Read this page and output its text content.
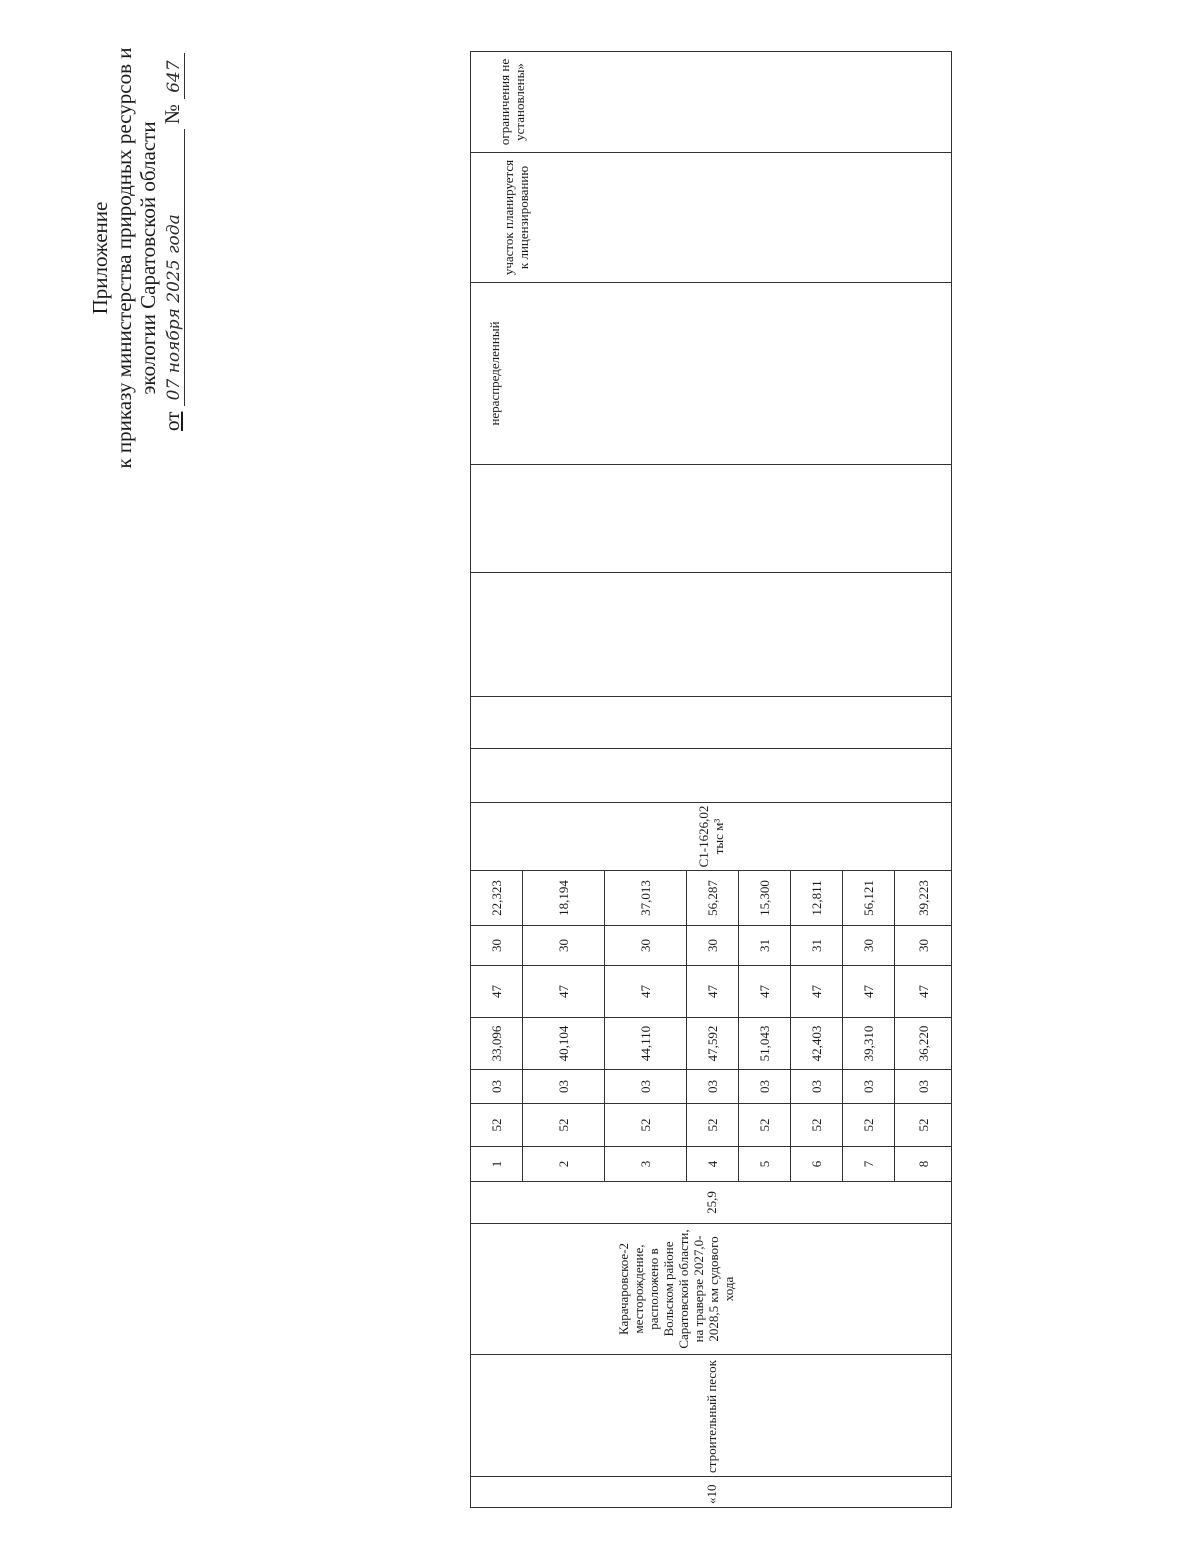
Приложение к приказу министерства природных ресурсов и экологии Саратовской области
от 07 ноября 2025 года № 647
«10	строительный песок	Карачаровское-2 месторождение, расположено в Вольском районе Саратовской области, на траверзе 2027,0-2028,5 км судового хода	25,9	1	52	03	33,096	47	30	22,323	С1-1626,02 тыс м³					нераспределенный	участок планируется к лицензированию	ограничения не установлены»
				2	52	03	40,104	47	30	18,194								
				3	52	03	44,110	47	30	37,013								
				4	52	03	47,592	47	30	56,287								
				5	52	03	51,043	47	31	15,300								
				6	52	03	42,403	47	31	12,811								
				7	52	03	39,310	47	30	56,121								
				8	52	03	36,220	47	30	39,223								
